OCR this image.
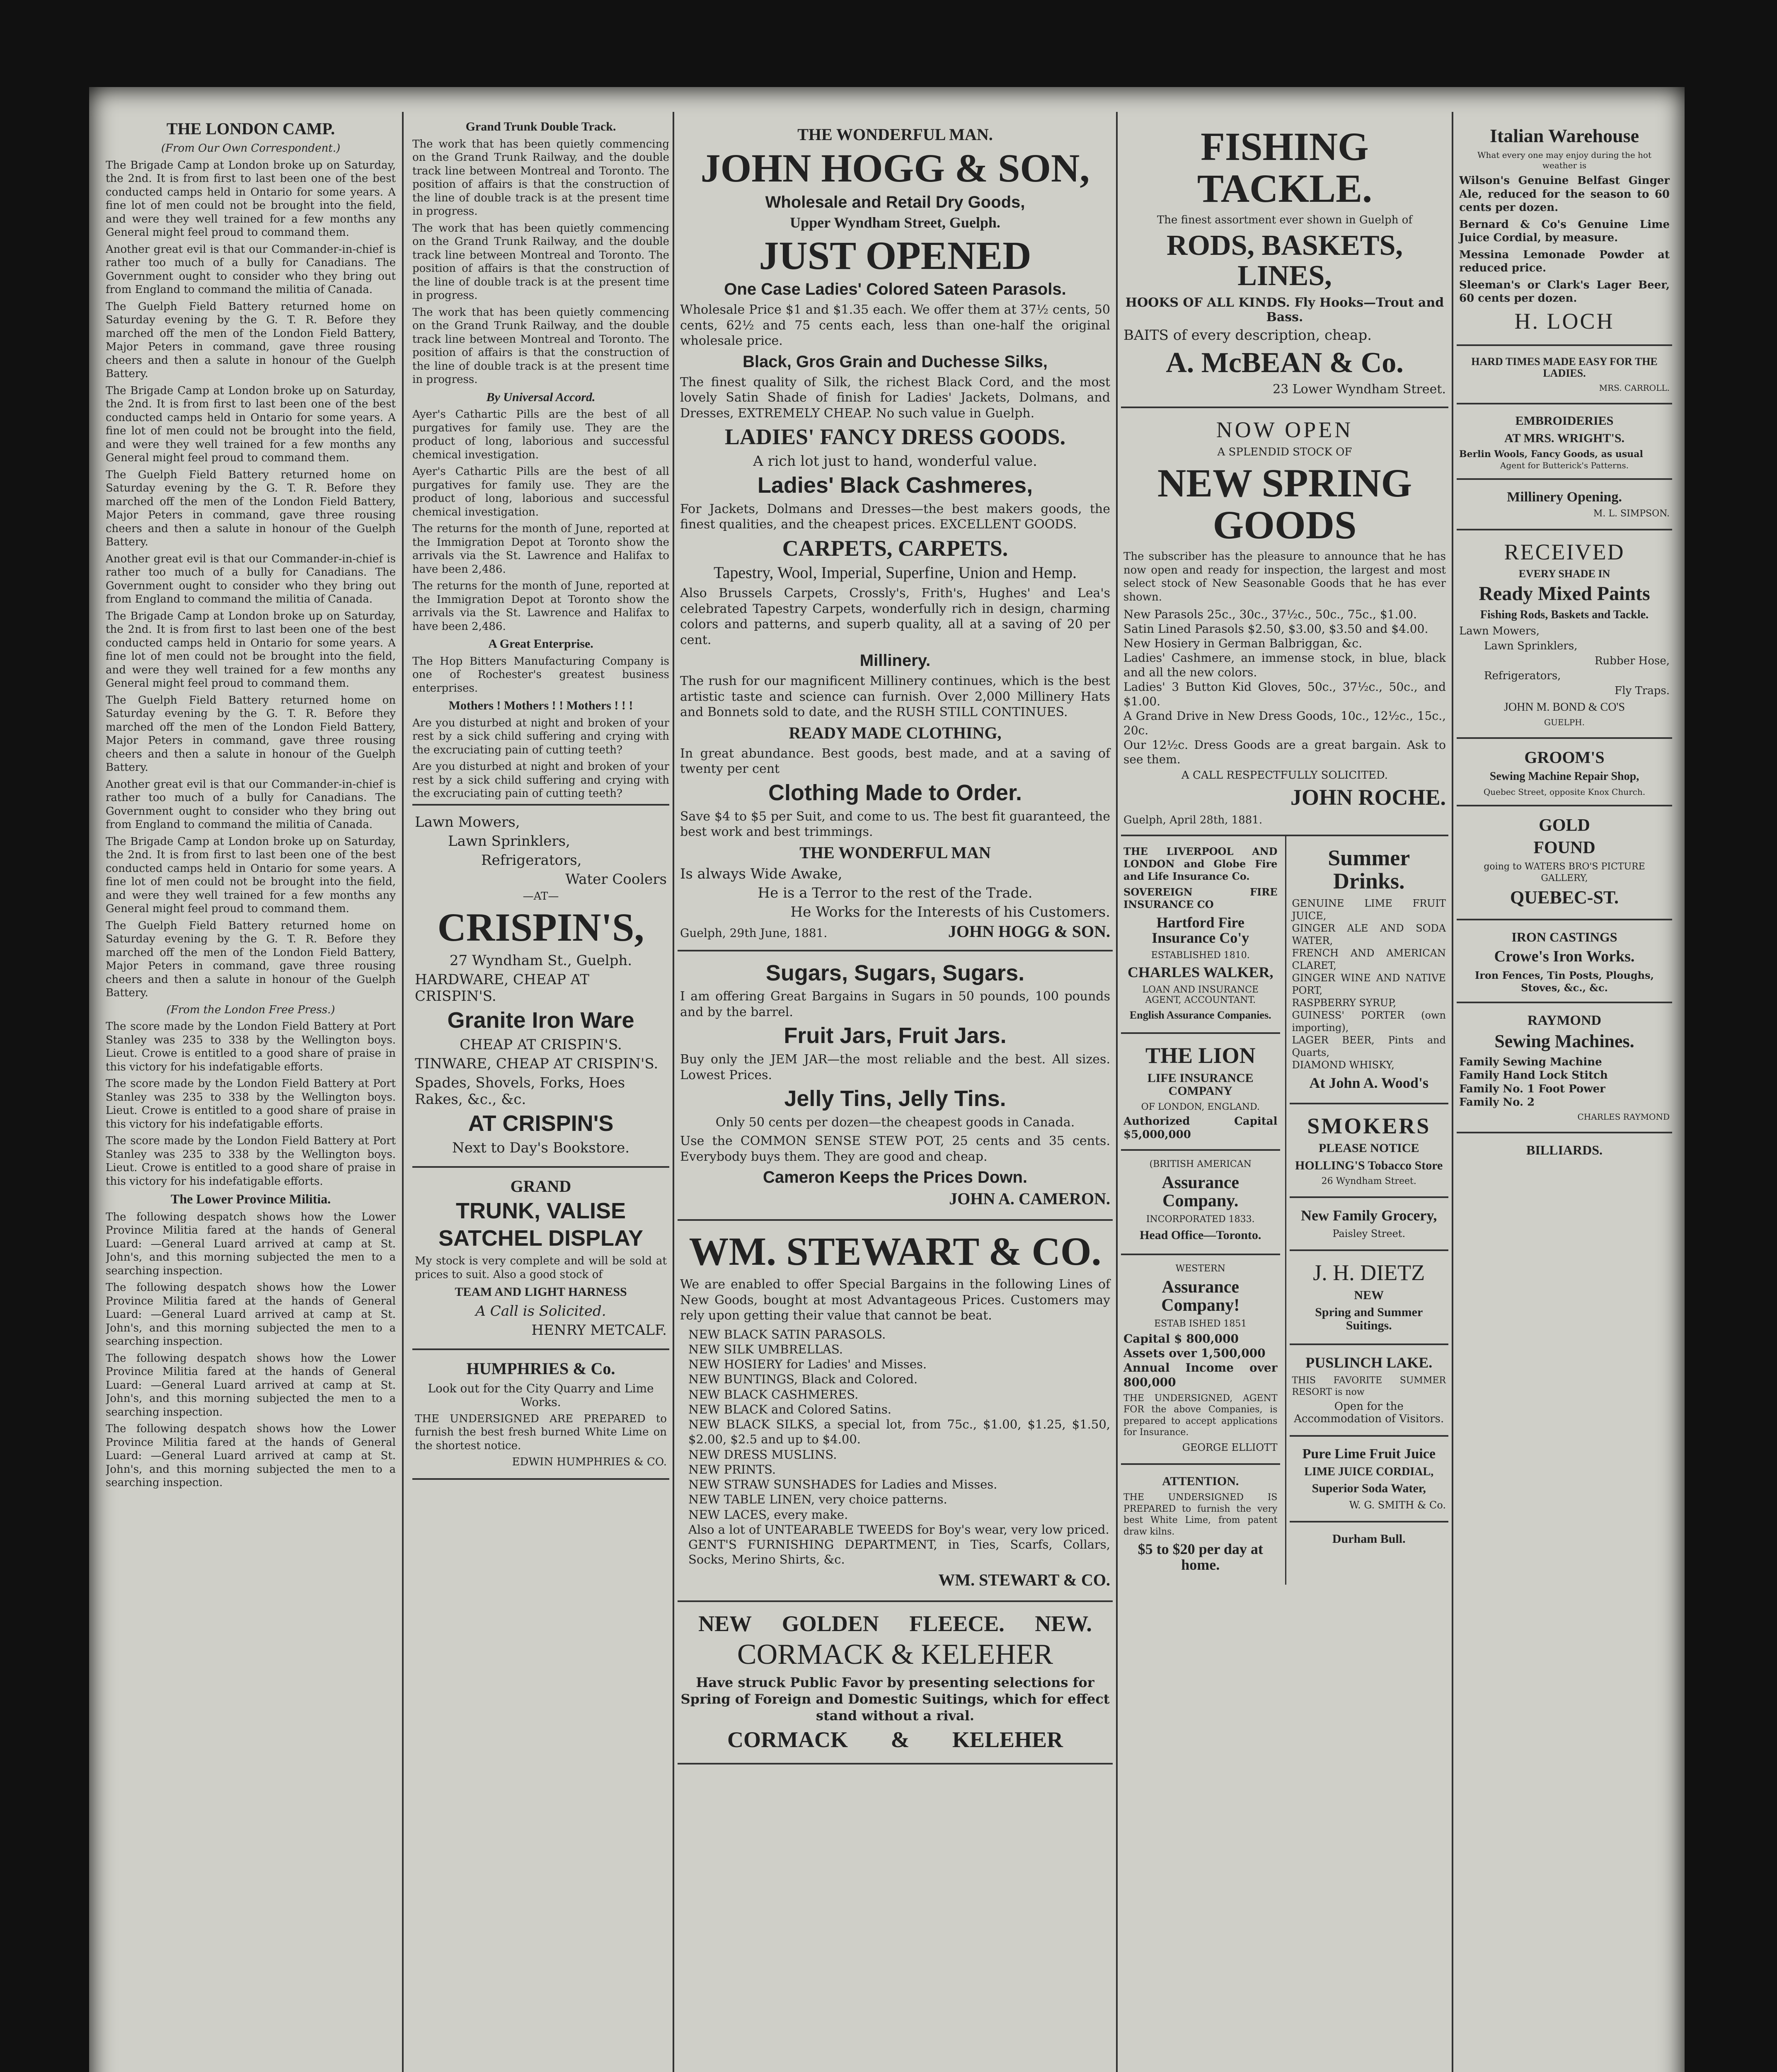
THE LONDON CAMP.
(From Our Own Correspondent.)

The Brigade Camp at London broke up on Saturday, the 2nd. It is from first to last been one of the best conducted camps held in Ontario for some years. A fine lot of men could not be brought into the field, and were they well trained for a few months any General might feel proud to command them.

Another great evil is that our Commander-in-chief is rather too much of a bully for Canadians. The Government ought to consider who they bring out from England to command the militia of Canada.

The Guelph Field Battery returned home on Saturday evening by the G. T. R. Before they marched off the men of the London Field Battery, Major Peters in command, gave three rousing cheers and then a salute in honour of the Guelph Battery.

The Brigade Camp at London broke up on Saturday, the 2nd. It is from first to last been one of the best conducted camps held in Ontario for some years. A fine lot of men could not be brought into the field, and were they well trained for a few months any General might feel proud to command them.

The Guelph Field Battery returned home on Saturday evening by the G. T. R. Before they marched off the men of the London Field Battery, Major Peters in command, gave three rousing cheers and then a salute in honour of the Guelph Battery.

Another great evil is that our Commander-in-chief is rather too much of a bully for Canadians. The Government ought to consider who they bring out from England to command the militia of Canada.

The Brigade Camp at London broke up on Saturday, the 2nd. It is from first to last been one of the best conducted camps held in Ontario for some years. A fine lot of men could not be brought into the field, and were they well trained for a few months any General might feel proud to command them.

The Guelph Field Battery returned home on Saturday evening by the G. T. R. Before they marched off the men of the London Field Battery, Major Peters in command, gave three rousing cheers and then a salute in honour of the Guelph Battery.

Another great evil is that our Commander-in-chief is rather too much of a bully for Canadians. The Government ought to consider who they bring out from England to command the militia of Canada.

The Brigade Camp at London broke up on Saturday, the 2nd. It is from first to last been one of the best conducted camps held in Ontario for some years. A fine lot of men could not be brought into the field, and were they well trained for a few months any General might feel proud to command them.

The Guelph Field Battery returned home on Saturday evening by the G. T. R. Before they marched off the men of the London Field Battery, Major Peters in command, gave three rousing cheers and then a salute in honour of the Guelph Battery.

(From the London Free Press.)

The score made by the London Field Battery at Port Stanley was 235 to 338 by the Wellington boys. Lieut. Crowe is entitled to a good share of praise in this victory for his indefatigable efforts.

The score made by the London Field Battery at Port Stanley was 235 to 338 by the Wellington boys. Lieut. Crowe is entitled to a good share of praise in this victory for his indefatigable efforts.

The score made by the London Field Battery at Port Stanley was 235 to 338 by the Wellington boys. Lieut. Crowe is entitled to a good share of praise in this victory for his indefatigable efforts.

The Lower Province Militia.

The following despatch shows how the Lower Province Militia fared at the hands of General Luard: —General Luard arrived at camp at St. John's, and this morning subjected the men to a searching inspection.

The following despatch shows how the Lower Province Militia fared at the hands of General Luard: —General Luard arrived at camp at St. John's, and this morning subjected the men to a searching inspection.

The following despatch shows how the Lower Province Militia fared at the hands of General Luard: —General Luard arrived at camp at St. John's, and this morning subjected the men to a searching inspection.

The following despatch shows how the Lower Province Militia fared at the hands of General Luard: —General Luard arrived at camp at St. John's, and this morning subjected the men to a searching inspection.

Grand Trunk Double Track.

The work that has been quietly commencing on the Grand Trunk Railway, and the double track line between Montreal and Toronto. The position of affairs is that the construction of the line of double track is at the present time in progress.

The work that has been quietly commencing on the Grand Trunk Railway, and the double track line between Montreal and Toronto. The position of affairs is that the construction of the line of double track is at the present time in progress.

The work that has been quietly commencing on the Grand Trunk Railway, and the double track line between Montreal and Toronto. The position of affairs is that the construction of the line of double track is at the present time in progress.

By Universal Accord.

Ayer's Cathartic Pills are the best of all purgatives for family use. They are the product of long, laborious and successful chemical investigation.

Ayer's Cathartic Pills are the best of all purgatives for family use. They are the product of long, laborious and successful chemical investigation.

The returns for the month of June, reported at the Immigration Depot at Toronto show the arrivals via the St. Lawrence and Halifax to have been 2,486.

The returns for the month of June, reported at the Immigration Depot at Toronto show the arrivals via the St. Lawrence and Halifax to have been 2,486.

A Great Enterprise.

The Hop Bitters Manufacturing Company is one of Rochester's greatest business enterprises.

Mothers ! Mothers ! ! Mothers ! ! !

Are you disturbed at night and broken of your rest by a sick child suffering and crying with the excruciating pain of cutting teeth?

Are you disturbed at night and broken of your rest by a sick child suffering and crying with the excruciating pain of cutting teeth?

Lawn Mowers,
Lawn Sprinklers,
Refrigerators,
Water Coolers
—AT—
CRISPIN'S,
27 Wyndham St., Guelph.
HARDWARE, CHEAP AT CRISPIN'S.
Granite Iron Ware
CHEAP AT CRISPIN'S.
TINWARE, CHEAP AT CRISPIN'S.
Spades, Shovels, Forks, Hoes Rakes, &c., &c.
AT CRISPIN'S
Next to Day's Bookstore.
GRAND
TRUNK, VALISE
SATCHEL DISPLAY

My stock is very complete and will be sold at prices to suit. Also a good stock of

TEAM AND LIGHT HARNESS
A Call is Solicited.
HENRY METCALF.
HUMPHRIES & Co.
Look out for the City Quarry and Lime Works.

THE UNDERSIGNED ARE PREPARED to furnish the best fresh burned White Lime on the shortest notice.

EDWIN HUMPHRIES & CO.
THE WONDERFUL MAN.
JOHN HOGG & SON,
Wholesale and Retail Dry Goods,
Upper Wyndham Street, Guelph.
JUST OPENED
One Case Ladies' Colored Sateen Parasols.

Wholesale Price $1 and $1.35 each. We offer them at 37½ cents, 50 cents, 62½ and 75 cents each, less than one-half the original wholesale price.

Black, Gros Grain and Duchesse Silks,

The finest quality of Silk, the richest Black Cord, and the most lovely Satin Shade of finish for Ladies' Jackets, Dolmans, and Dresses, EXTREMELY CHEAP. No such value in Guelph.

LADIES' FANCY DRESS GOODS.
A rich lot just to hand, wonderful value.
Ladies' Black Cashmeres,

For Jackets, Dolmans and Dresses—the best makers goods, the finest qualities, and the cheapest prices. EXCELLENT GOODS.

CARPETS, CARPETS.
Tapestry, Wool, Imperial, Superfine, Union and Hemp.

Also Brussels Carpets, Crossly's, Frith's, Hughes' and Lea's celebrated Tapestry Carpets, wonderfully rich in design, charming colors and patterns, and superb quality, all at a saving of 20 per cent.

Millinery.

The rush for our magnificent Millinery continues, which is the best artistic taste and science can furnish. Over 2,000 Millinery Hats and Bonnets sold to date, and the RUSH STILL CONTINUES.

READY MADE CLOTHING,

In great abundance. Best goods, best made, and at a saving of twenty per cent

Clothing Made to Order.

Save $4 to $5 per Suit, and come to us. The best fit guaranteed, the best work and best trimmings.

THE WONDERFUL MAN
Is always Wide Awake,
He is a Terror to the rest of the Trade.
He Works for the Interests of his Customers.
Guelph, 29th June, 1881.	JOHN HOGG & SON.
Sugars, Sugars, Sugars.

I am offering Great Bargains in Sugars in 50 pounds, 100 pounds and by the barrel.

Fruit Jars, Fruit Jars.

Buy only the JEM JAR—the most reliable and the best. All sizes. Lowest Prices.

Jelly Tins, Jelly Tins.

Only 50 cents per dozen—the cheapest goods in Canada.

Use the COMMON SENSE STEW POT, 25 cents and 35 cents. Everybody buys them. They are good and cheap.

Cameron Keeps the Prices Down.
JOHN A. CAMERON.
WM. STEWART & CO.

We are enabled to offer Special Bargains in the following Lines of New Goods, bought at most Advantageous Prices. Customers may rely upon getting their value that cannot be beat.

NEW BLACK SATIN PARASOLS.
NEW SILK UMBRELLAS.
NEW HOSIERY for Ladies' and Misses.
NEW BUNTINGS, Black and Colored.
NEW BLACK CASHMERES.
NEW BLACK and Colored Satins.
NEW BLACK SILKS, a special lot, from 75c., $1.00, $1.25, $1.50, $2.00, $2.5 and up to $4.00.
NEW DRESS MUSLINS.
NEW PRINTS.
NEW STRAW SUNSHADES for Ladies and Misses.
NEW TABLE LINEN, very choice patterns.
NEW LACES, every make.
Also a lot of UNTEARABLE TWEEDS for Boy's wear, very low priced.
GENT'S FURNISHING DEPARTMENT, in Ties, Scarfs, Collars, Socks, Merino Shirts, &c.
WM. STEWART & CO.
NEW GOLDEN FLEECE. NEW.
CORMACK & KELEHER

Have struck Public Favor by presenting selections for Spring of Foreign and Domestic Suitings, which for effect stand without a rival.

CORMACK & KELEHER
FISHING TACKLE.
The finest assortment ever shown in Guelph of
RODS, BASKETS, LINES,
HOOKS OF ALL KINDS. Fly Hooks—Trout and Bass.
BAITS of every description, cheap.
A. McBEAN & Co.
23 Lower Wyndham Street.
NOW OPEN
A SPLENDID STOCK OF
NEW SPRING GOODS

The subscriber has the pleasure to announce that he has now open and ready for inspection, the largest and most select stock of New Seasonable Goods that he has ever shown.

New Parasols 25c., 30c., 37½c., 50c., 75c., $1.00.
Satin Lined Parasols $2.50, $3.00, $3.50 and $4.00.
New Hosiery in German Balbriggan, &c.
Ladies' Cashmere, an immense stock, in blue, black and all the new colors.
Ladies' 3 Button Kid Gloves, 50c., 37½c., 50c., and $1.00.
A Grand Drive in New Dress Goods, 10c., 12½c., 15c., 20c.
Our 12½c. Dress Goods are a great bargain. Ask to see them.
A CALL RESPECTFULLY SOLICITED.
JOHN ROCHE.
Guelph, April 28th, 1881.

THE LIVERPOOL AND LONDON and Globe Fire and Life Insurance Co.

SOVEREIGN FIRE INSURANCE CO

Hartford Fire Insurance Co'y
ESTABLISHED 1810.
CHARLES WALKER,
LOAN AND INSURANCE AGENT, ACCOUNTANT.
English Assurance Companies.
THE LION
LIFE INSURANCE COMPANY
OF LONDON, ENGLAND.
Authorized Capital $5,000,000
(BRITISH AMERICAN
Assurance Company.
INCORPORATED 1833.
Head Office—Toronto.
WESTERN
Assurance Company!
ESTAB ISHED 1851
Capital $ 800,000
Assets over 1,500,000
Annual Income over 800,000

THE UNDERSIGNED, AGENT FOR the above Companies, is prepared to accept applications for Insurance.

GEORGE ELLIOTT
ATTENTION.

THE UNDERSIGNED IS PREPARED to furnish the very best White Lime, from patent draw kilns.

$5 to $20 per day at home.
Summer Drinks.
GENUINE LIME FRUIT JUICE,
GINGER ALE AND SODA WATER,
FRENCH AND AMERICAN CLARET,
GINGER WINE AND NATIVE PORT,
RASPBERRY SYRUP,
GUINESS' PORTER (own importing),
LAGER BEER, Pints and Quarts,
DIAMOND WHISKY,
At John A. Wood's
SMOKERS
PLEASE NOTICE
HOLLING'S Tobacco Store
26 Wyndham Street.
New Family Grocery,
Paisley Street.
J. H. DIETZ
NEW
Spring and Summer Suitings.
PUSLINCH LAKE.
THIS FAVORITE SUMMER RESORT is now
Open for the Accommodation of Visitors.
Pure Lime Fruit Juice
LIME JUICE CORDIAL,
Superior Soda Water,
W. G. SMITH & Co.
Durham Bull.
Italian Warehouse
What every one may enjoy during the hot weather is

Wilson's Genuine Belfast Ginger Ale, reduced for the season to 60 cents per dozen.

Bernard & Co's Genuine Lime Juice Cordial, by measure.

Messina Lemonade Powder at reduced price.

Sleeman's or Clark's Lager Beer, 60 cents per dozen.

H. LOCH
HARD TIMES MADE EASY FOR THE LADIES.
MRS. CARROLL.
EMBROIDERIES
AT MRS. WRIGHT'S.
Berlin Wools, Fancy Goods, as usual
Agent for Butterick's Patterns.
Millinery Opening.
M. L. SIMPSON.
RECEIVED
EVERY SHADE IN
Ready Mixed Paints
Fishing Rods, Baskets and Tackle.
Lawn Mowers,
Lawn Sprinklers,
Rubber Hose,
Refrigerators,
Fly Traps.
JOHN M. BOND & CO'S
GUELPH.
GROOM'S
Sewing Machine Repair Shop,
Quebec Street, opposite Knox Church.
GOLD
FOUND
going to WATERS BRO'S PICTURE GALLERY,
QUEBEC-ST.
IRON CASTINGS
Crowe's Iron Works.
Iron Fences, Tin Posts, Ploughs, Stoves, &c., &c.
RAYMOND
Sewing Machines.
Family Sewing Machine
Family Hand Lock Stitch
Family No. 1 Foot Power
Family No. 2
CHARLES RAYMOND
BILLIARDS.
